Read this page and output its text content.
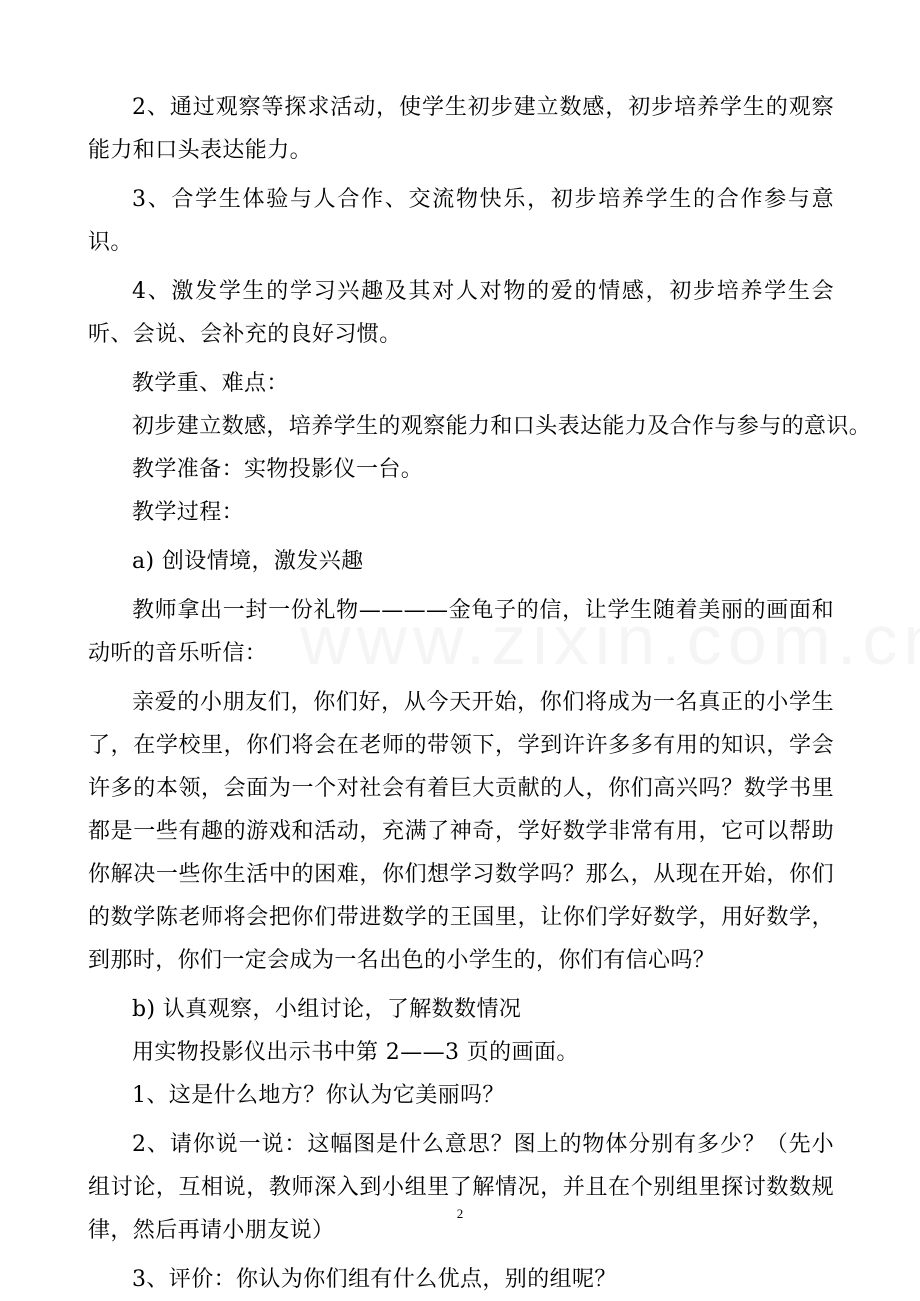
2、通过观察等探求活动，使学生初步建立数感，初步培养学生的观察能力和口头表达能力。

3、合学生体验与人合作、交流物快乐，初步培养学生的合作参与意识。

4、激发学生的学习兴趣及其对人对物的爱的情感，初步培养学生会听、会说、会补充的良好习惯。

教学重、难点：

初步建立数感，培养学生的观察能力和口头表达能力及合作与参与的意识。

教学准备：实物投影仪一台。

教学过程：

a) 创设情境，激发兴趣

教师拿出一封一份礼物————金龟子的信，让学生随着美丽的画面和动听的音乐听信：

亲爱的小朋友们，你们好，从今天开始，你们将成为一名真正的小学生了，在学校里，你们将会在老师的带领下，学到许许多多有用的知识，学会许多的本领，会面为一个对社会有着巨大贡献的人，你们高兴吗？数学书里都是一些有趣的游戏和活动，充满了神奇，学好数学非常有用，它可以帮助你解决一些你生活中的困难，你们想学习数学吗？那么，从现在开始，你们的数学陈老师将会把你们带进数学的王国里，让你们学好数学，用好数学，到那时，你们一定会成为一名出色的小学生的，你们有信心吗？

b) 认真观察，小组讨论，了解数数情况

用实物投影仪出示书中第 2——3 页的画面。

1、这是什么地方？你认为它美丽吗？

2、请你说一说：这幅图是什么意思？图上的物体分别有多少？（先小组讨论，互相说，教师深入到小组里了解情况，并且在个别组里探讨数数规律，然后再请小朋友说）

3、评价：你认为你们组有什么优点，别的组呢？

2
